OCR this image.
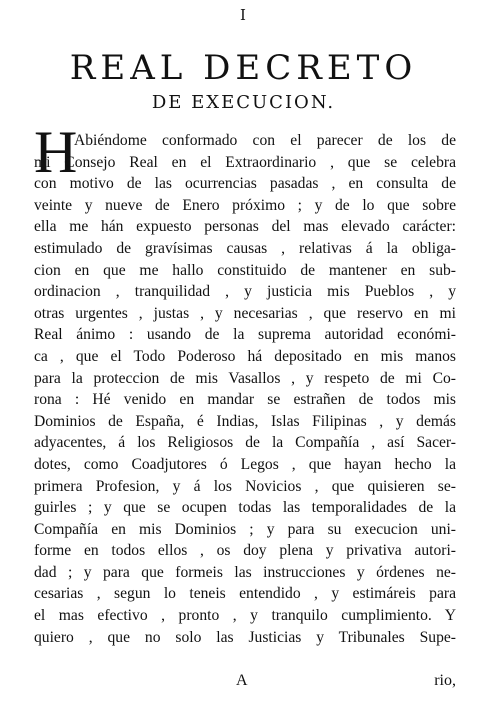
I
REAL DECRETO
DE EXECUCION.
H
Abiéndome conformado con el parecer de los de
mi Consejo Real en el Extraordinario , que se celebra
con motivo de las ocurrencias pasadas , en consulta de
veinte y nueve de Enero próximo ; y de lo que sobre
ella me hán expuesto personas del mas elevado carácter:
estimulado de gravísimas causas , relativas á la obliga-
cion en que me hallo constituido de mantener en sub-
ordinacion , tranquilidad , y justicia mis Pueblos , y
otras urgentes , justas , y necesarias , que reservo en mi
Real ánimo : usando de la suprema autoridad económi-
ca , que el Todo Poderoso há depositado en mis manos
para la proteccion de mis Vasallos , y respeto de mi Co-
rona : Hé venido en mandar se estrañen de todos mis
Dominios de España, é Indias, Islas Filipinas , y demás
adyacentes, á los Religiosos de la Compañía , así Sacer-
dotes, como Coadjutores ó Legos , que hayan hecho la
primera Profesion, y á los Novicios , que quisieren se-
guirles ; y que se ocupen todas las temporalidades de la
Compañía en mis Dominios ; y para su execucion uni-
forme en todos ellos , os doy plena y privativa autori-
dad ; y para que formeis las instrucciones y órdenes ne-
cesarias , segun lo teneis entendido , y estimáreis para
el mas efectivo , pronto , y tranquilo cumplimiento. Y
quiero , que no solo las Justicias y Tribunales Supe-
A	rio,
